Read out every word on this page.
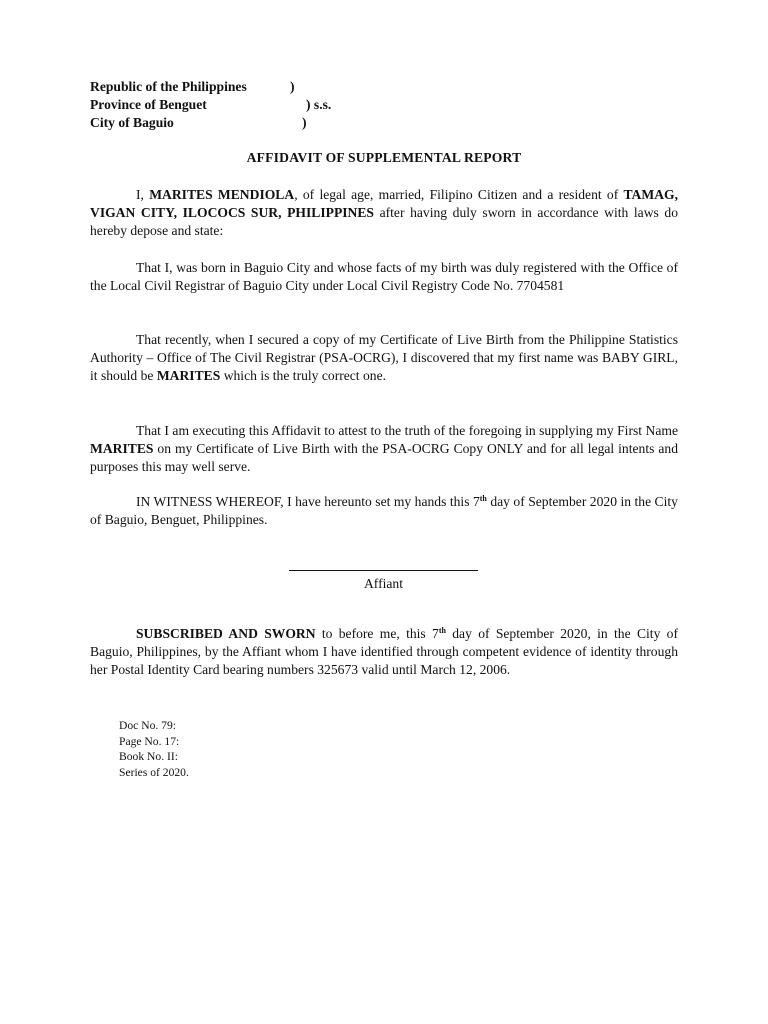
Republic of the Philippines	)
Province of Benguet	) s.s.
City of Baguio	)
AFFIDAVIT OF SUPPLEMENTAL REPORT

I, MARITES MENDIOLA, of legal age, married, Filipino Citizen and a resident of TAMAG, VIGAN CITY, ILOCOCS SUR, PHILIPPINES after having duly sworn in accordance with laws do hereby depose and state:

That I, was born in Baguio City and whose facts of my birth was duly registered with the Office of the Local Civil Registrar of Baguio City under Local Civil Registry Code No. 7704581

That recently, when I secured a copy of my Certificate of Live Birth from the Philippine Statistics Authority – Office of The Civil Registrar (PSA-OCRG), I discovered that my first name was BABY GIRL, it should be MARITES which is the truly correct one.

That I am executing this Affidavit to attest to the truth of the foregoing in supplying my First Name MARITES on my Certificate of Live Birth with the PSA-OCRG Copy ONLY and for all legal intents and purposes this may well serve.

IN WITNESS WHEREOF, I have hereunto set my hands this 7th day of September 2020 in the City of Baguio, Benguet, Philippines.

Affiant

SUBSCRIBED AND SWORN to before me, this 7th day of September 2020, in the City of Baguio, Philippines, by the Affiant whom I have identified through competent evidence of identity through her Postal Identity Card bearing numbers 325673 valid until March 12, 2006.

Doc No. 79:
Page No. 17:
Book No. II:
Series of 2020.
